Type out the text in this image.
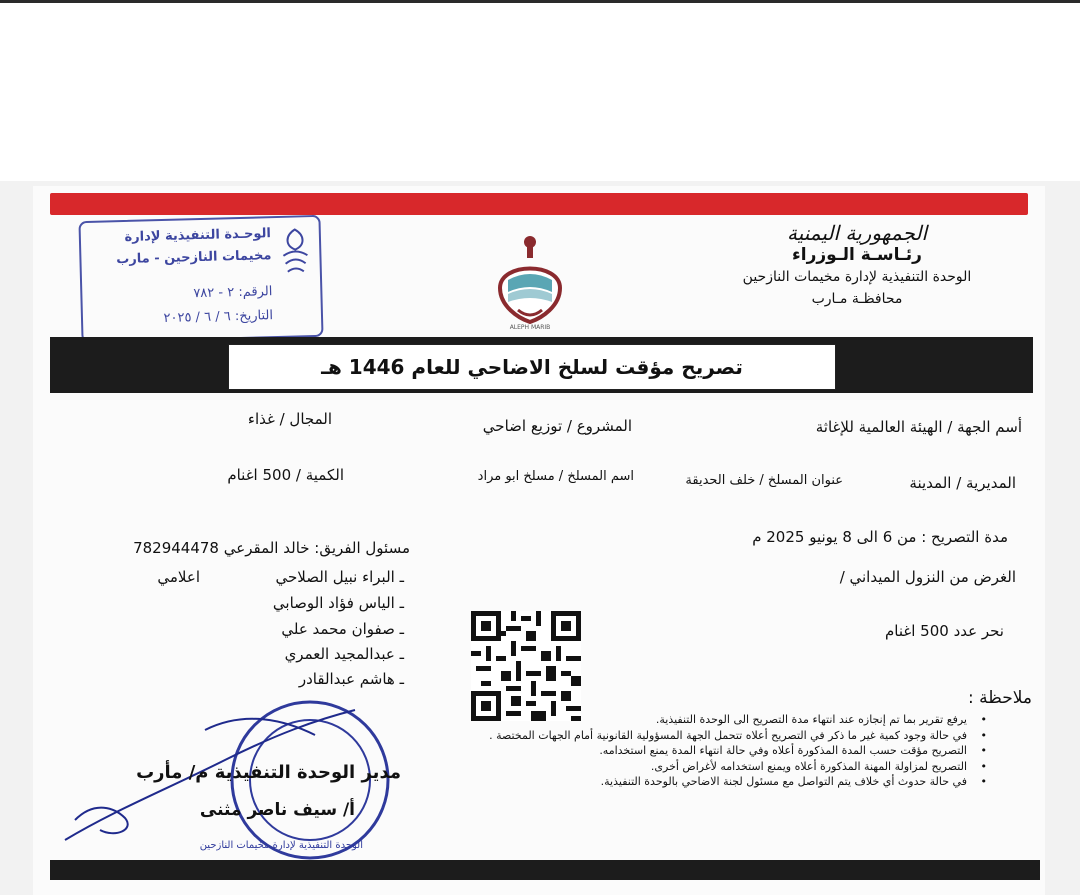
الجمهورية اليمنية
رئـاسـة الـوزراء
الوحدة التنفيذية لإدارة مخيمات النازحين
محافظـة مـارب
الوحـدة التنفيذية لإدارة
مخيمات النازحين - مارب
الرقم: ٢ - ٧٨٢
التاريخ: ٦ / ٦ / ٢٠٢٥
ALEPH MARIB
تصريح مؤقت لسلخ الاضاحي للعام 1446 هـ
أسم الجهة / الهيئة العالمية للإغاثة
المشروع / توزيع اضاحي
المجال / غذاء
المديرية / المدينة
عنوان المسلخ / خلف الحديقة
اسم المسلخ / مسلخ ابو مراد
الكمية / 500 اغنام
مدة التصريح : من 6 الى 8 يونيو 2025 م
الغرض من النزول الميداني /
نحر عدد 500 اغنام
مسئول الفريق: خالد المقرعي 782944478
ـ البراء نبيل الصلاحي
اعلامي
ـ الياس فؤاد الوصابي
ـ صفوان محمد علي
ـ عبدالمجيد العمري
ـ هاشم عبدالقادر
ملاحظة :
• يرفع تقرير بما تم إنجازه عند انتهاء مدة التصريح الى الوحدة التنفيذية.
• في حالة وجود كمية غير ما ذكر في التصريح أعلاه تتحمل الجهة المسؤولية القانونية أمام الجهات المختصة .
• التصريح مؤقت حسب المدة المذكورة أعلاه وفي حالة انتهاء المدة يمنع استخدامه.
• التصريح لمزاولة المهنة المذكورة أعلاه ويمنع استخدامه لأغراض أخرى.
• في حالة حدوث أي خلاف يتم التواصل مع مسئول لجنة الاضاحي بالوحدة التنفيذية.
مدير الوحدة التنفيذية م/ مأرب
أ/ سيف ناصر مثنى
الوحدة التنفيذية لإدارة مخيمات النازحين
